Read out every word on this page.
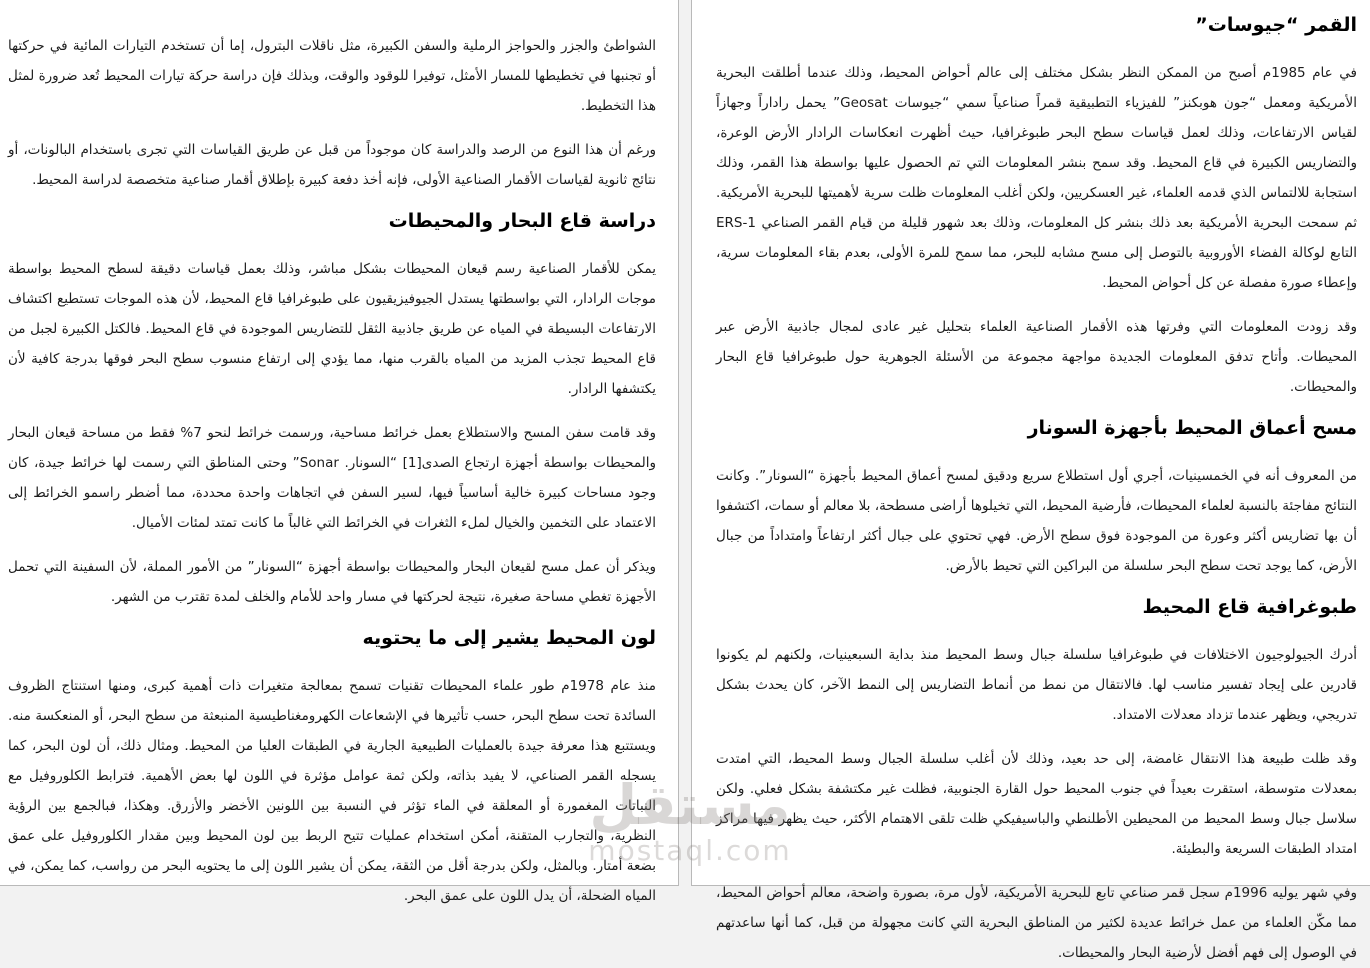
القمر “جيوسات”

في عام 1985م أصبح من الممكن النظر بشكل مختلف إلى عالم أحواض المحيط، وذلك عندما أطلقت البحرية الأمريكية ومعمل “جون هوبكنز” للفيزياء التطبيقية قمراً صناعياً سمي “جيوسات Geosat” يحمل راداراً وجهازاً لقياس الارتفاعات، وذلك لعمل قياسات سطح البحر طبوغرافيا، حيث أظهرت انعكاسات الرادار الأرض الوعرة، والتضاريس الكبيرة في قاع المحيط. وقد سمح بنشر المعلومات التي تم الحصول عليها بواسطة هذا القمر، وذلك استجابة للالتماس الذي قدمه العلماء، غير العسكريين، ولكن أغلب المعلومات ظلت سرية لأهميتها للبحرية الأمريكية. ثم سمحت البحرية الأمريكية بعد ذلك بنشر كل المعلومات، وذلك بعد شهور قليلة من قيام القمر الصناعي ERS-1 التابع لوكالة الفضاء الأوروبية بالتوصل إلى مسح مشابه للبحر، مما سمح للمرة الأولى، بعدم بقاء المعلومات سرية، وإعطاء صورة مفصلة عن كل أحواض المحيط.

وقد زودت المعلومات التي وفرتها هذه الأقمار الصناعية العلماء بتحليل غير عادى لمجال جاذبية الأرض عبر المحيطات. وأتاح تدفق المعلومات الجديدة مواجهة مجموعة من الأسئلة الجوهرية حول طبوغرافيا قاع البحار والمحيطات.

مسح أعماق المحيط بأجهزة السونار

من المعروف أنه في الخمسينيات، أجري أول استطلاع سريع ودقيق لمسح أعماق المحيط بأجهزة “السونار”. وكانت النتائج مفاجئة بالنسبة لعلماء المحيطات، فأرضية المحيط، التي تخيلوها أراضى مسطحة، بلا معالم أو سمات، اكتشفوا أن بها تضاريس أكثر وعورة من الموجودة فوق سطح الأرض. فهي تحتوي على جبال أكثر ارتفاعاً وامتداداً من جبال الأرض، كما يوجد تحت سطح البحر سلسلة من البراكين التي تحيط بالأرض.

طبوغرافية قاع المحيط

أدرك الجيولوجيون الاختلافات في طبوغرافيا سلسلة جبال وسط المحيط منذ بداية السبعينيات، ولكنهم لم يكونوا قادرين على إيجاد تفسير مناسب لها. فالانتقال من نمط من أنماط التضاريس إلى النمط الآخر، كان يحدث بشكل تدريجي، ويظهر عندما تزداد معدلات الامتداد.

وقد ظلت طبيعة هذا الانتقال غامضة، إلى حد بعيد، وذلك لأن أغلب سلسلة الجبال وسط المحيط، التي امتدت بمعدلات متوسطة، استقرت بعيداً في جنوب المحيط حول القارة الجنوبية، فظلت غير مكتشفة بشكل فعلي. ولكن سلاسل جبال وسط المحيط من المحيطين الأطلنطي والباسيفيكي ظلت تلقى الاهتمام الأكثر، حيث يظهر فيها مراكز امتداد الطبقات السريعة والبطيئة.

وفي شهر يوليه 1996م سجل قمر صناعي تابع للبحرية الأمريكية، لأول مرة، بصورة واضحة، معالم أحواض المحيط، مما مكّن العلماء من عمل خرائط عديدة لكثير من المناطق البحرية التي كانت مجهولة من قبل، كما أنها ساعدتهم في الوصول إلى فهم أفضل لأرضية البحار والمحيطات.

الشواطئ والجزر والحواجز الرملية والسفن الكبيرة، مثل ناقلات البترول، إما أن تستخدم التيارات المائية في حركتها أو تجنبها في تخطيطها للمسار الأمثل، توفيرا للوقود والوقت، وبذلك فإن دراسة حركة تيارات المحيط تُعد ضرورة لمثل هذا التخطيط.

ورغم أن هذا النوع من الرصد والدراسة كان موجوداً من قبل عن طريق القياسات التي تجرى باستخدام البالونات، أو نتائج ثانوية لقياسات الأقمار الصناعية الأولى، فإنه أخذ دفعة كبيرة بإطلاق أقمار صناعية متخصصة لدراسة المحيط.

دراسة قاع البحار والمحيطات

يمكن للأقمار الصناعية رسم قيعان المحيطات بشكل مباشر، وذلك بعمل قياسات دقيقة لسطح المحيط بواسطة موجات الرادار، التي بواسطتها يستدل الجيوفيزيقيون على طبوغرافيا قاع المحيط، لأن هذه الموجات تستطيع اكتشاف الارتفاعات البسيطة في المياه عن طريق جاذبية الثقل للتضاريس الموجودة في قاع المحيط. فالكتل الكبيرة لجبل من قاع المحيط تجذب المزيد من المياه بالقرب منها، مما يؤدي إلى ارتفاع منسوب سطح البحر فوقها بدرجة كافية لأن يكتشفها الرادار.

وقد قامت سفن المسح والاستطلاع بعمل خرائط مساحية، ورسمت خرائط لنحو 7% فقط من مساحة قيعان البحار والمحيطات بواسطة أجهزة ارتجاع الصدى[1] “السونار. Sonar” وحتى المناطق التي رسمت لها خرائط جيدة، كان وجود مساحات كبيرة خالية أساسياً فيها، لسير السفن في اتجاهات واحدة محددة، مما أضطر راسمو الخرائط إلى الاعتماد على التخمين والخيال لملء الثغرات في الخرائط التي غالباً ما كانت تمتد لمئات الأميال.

ويذكر أن عمل مسح لقيعان البحار والمحيطات بواسطة أجهزة “السونار” من الأمور المملة، لأن السفينة التي تحمل الأجهزة تغطي مساحة صغيرة، نتيجة لحركتها في مسار واحد للأمام والخلف لمدة تقترب من الشهر.

لون المحيط يشير إلى ما يحتويه

منذ عام 1978م طور علماء المحيطات تقنيات تسمح بمعالجة متغيرات ذات أهمية كبرى، ومنها استنتاج الظروف السائدة تحت سطح البحر، حسب تأثيرها في الإشعاعات الكهرومغناطيسية المنبعثة من سطح البحر، أو المنعكسة منه. ويستتبع هذا معرفة جيدة بالعمليات الطبيعية الجارية في الطبقات العليا من المحيط. ومثال ذلك، أن لون البحر، كما يسجله القمر الصناعي، لا يفيد بذاته، ولكن ثمة عوامل مؤثرة في اللون لها بعض الأهمية. فترابط الكلوروفيل مع النباتات المغمورة أو المعلقة في الماء تؤثر في النسبة بين اللونين الأخضر والأزرق. وهكذا، فبالجمع بين الرؤية النظرية، والتجارب المتقنة، أمكن استخدام عمليات تتيح الربط بين لون المحيط وبين مقدار الكلوروفيل على عمق بضعة أمتار. وبالمثل، ولكن بدرجة أقل من الثقة، يمكن أن يشير اللون إلى ما يحتويه البحر من رواسب، كما يمكن، في المياه الضحلة، أن يدل اللون على عمق البحر.

مستقل
mostaql.com
